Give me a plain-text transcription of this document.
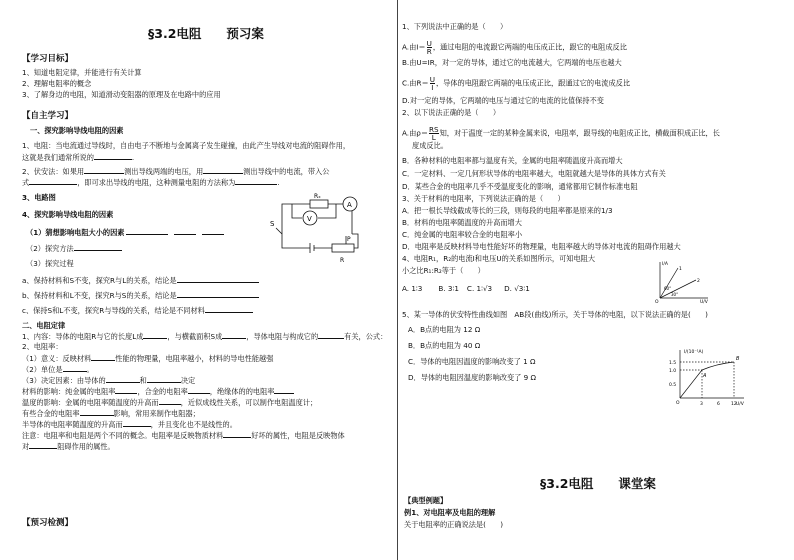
§3.2电阻　　预习案
【学习目标】
1、知道电阻定律，并能进行有关计算
2、理解电阻率的概念
3、了解身边的电阻，知道滑动变阻器的原理及在电路中的应用
【自主学习】
一、探究影响导线电阻的因素
1、电阻：当电流通过导线时，自由电子不断地与金属离子发生碰撞，由此产生导线对电流的阻碍作用，
这就是我们通常所说的	.
2、伏安法：如果用	测出导线两端的电压，用	测出导线中的电流，带入公
式	，即可求出导线的电阻，这种测量电阻的方法称为	.
3、电路图
4、探究影响导线电阻的因素
（1）猜想影响电阻大小的因素
（2）探究方法
（3）探究过程
Rₓ
A
V
S
P
R
a、保持材料和S不变，探究R与L的关系，结论是
b、保持材料和L不变，探究R与S的关系，结论是
c、保持S和L不变，探究R与导线的关系，结论是不同材料
二、电阻定律
1、内容：导体的电阻R与它的长度L成	，与横截面积S成	，导体电阻与构成它的	有关，公式：
2、电阻率：
（1）意义：反映材料	性能的物理量，电阻率越小，材料的导电性能越强
（2）单位是	。
（3）决定因素：由导体的	和	决定
材料的影响：纯金属的电阻率	，合金的电阻率	，绝缘体的的电阻率
温度的影响：金属的电阻率随温度的升高而	，近似成线性关系，可以制作电阻温度计；
有些合金的电阻率	影响，常用来制作电阻器；
半导体的电阻率随温度的升高而	，并且变化也不是线性的。
注意：电阻率和电阻是两个不同的概念。电阻率是反映物质材料	好坏的属性，电阻是反映物体
对	阻碍作用的属性。
【预习检测】
1、下列说法中正确的是（　　）
A.由$I= \frac{U}{R}$ ，通过电阻的电流跟它两端的电压成正比，跟它的电阻成反比
B.由U=IR，对一定的导体，通过它的电流越大，它两端的电压也越大
C.由$R= \frac{U}{I}$ ，导体的电阻跟它两端的电压成正比，跟通过它的电流成反比
D.对一定的导体，它两端的电压与通过它的电流的比值保持不变
2、以下说法正确的是（　　）
A.由$\rho= \frac{RS}{L}$ 知，对于温度一定的某种金属来说，电阻率，跟导线的电阻成正比，横截面积成正比，长
度成反比。
B．各种材料的电阻率都与温度有关，金属的电阻率随温度升高而增大
C．一定材料、一定几何形状导体的电阻率越大，电阻就越大是导体的具体方式有关
D．某些合金的电阻率几乎不受温度变化的影响，通常都用它制作标准电阻
3、关于材料的电阻率，下列说法正确的是（　　）
A．把一根长导线截成等长的三段，则每段的电阻率都是原来的1/3
B．材料的电阻率随温度的升高而增大
C．纯金属的电阻率较合金的电阻率小
D．电阻率是反映材料导电性能好坏的物理量，电阻率越大的导体对电流的阻碍作用越大
4、电阻R₁，R₂的电流I和电压U的关系如图所示，可知电阻大
小之比R₁:R₂等于（　　）
A. 1∶3 B. 3∶1 C. 1∶√3 D. √3∶1
I/A
U/V
O
1
2
60°
30°
5、某一导体的伏安特性曲线如图　AB段(曲线)所示，关于导体的电阻，以下说法正确的是(　　)
A．B点的电阻为 12 Ω
B．B点的电阻为 40 Ω
C．导体的电阻因温度的影响改变了 1 Ω
D．导体的电阻因温度的影响改变了 9 Ω
I/(10⁻¹A)
U/V
1.5
1.0
0.5
3	6 12
O
A
B
§3.2电阻　　课堂案
【典型例题】
例1、对电阻率及电阻的理解
关于电阻率的正确说法是(　　)
